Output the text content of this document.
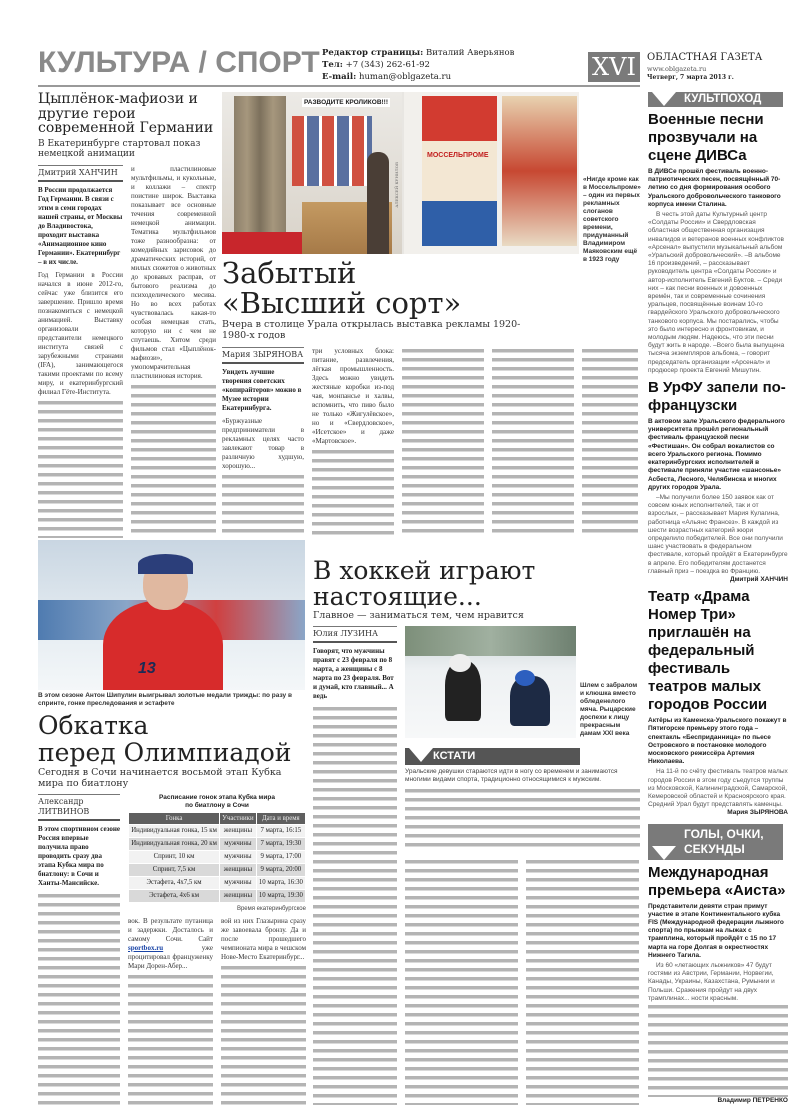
КУЛЬТУРА / СПОРТ Редактор страницы: Виталий Аверьянов
Тел: +7 (343) 262-61-92
E-mail: human@oblgazeta.ru	XVI	ОБЛАСТНАЯ ГАЗЕТА
www.oblgazeta.ru
Четверг, 7 марта 2013 г.
Цыплёнок-мафиози и другие герои современной Германии
В Екатеринбурге стартовал показ немецкой анимации
Дмитрий ХАНЧИН
В России продолжается Год Германии. В связи с этим в семи городах нашей страны, от Москвы до Владивостока, проходит выставка «Анимационное кино Германии». Екатеринбург – в их числе.
Год Германии в России начался в июне 2012-го, сейчас уже близится его завершение. Пришло время познакомиться с немецкой анимацией. Выставку организовали представители немецкого института связей с зарубежными странами (IFA), занимающегося такими проектами по всему миру, и екатеринбургский филиал Гёте-Института.
и пластилиновые мультфильмы, и кукольные, и коллажи – спектр поистине широк. Выставка показывает все основные течения современной немецкой анимации. Тематика мультфильмов тоже разнообразна: от комедийных зарисовок до драматических историй, от милых сюжетов о животных до кровавых расправ, от бытового реализма до психоделического месива. Но во всех работах чувствовалась какая-то особая немецкая стать, которую ни с чем не спутаешь. Хитом среди фильмов стал «Цыплёнок-мафиози», умопомрачительная пластилиновая история.
РАЗВОДИТЕ КРОЛИКОВ!!!
МОССЕЛЬПРОМЕ
АЛЕКСЕЙ КУНИЛОВ	«Нигде кроме как в Моссельпроме» – один из первых рекламных слоганов советского времени, придуманный Владимиром Маяковским ещё в 1923 году
Забытый
«Высший сорт»
Вчера в столице Урала открылась выставка рекламы 1920-1980-х годов
Мария ЗЫРЯНОВА
Увидеть лучшие творения советских «копирайтеров» можно в Музее истории Екатеринбурга.
«Буржуазные предприниматели в рекламных целях часто завлекают товар в различную худшую, хорошую...
три условных блока: питание, развлечения, лёгкая промышленность. Здесь можно увидеть жестяные коробки из-под чая, монпансье и халвы, вспомнить, что пиво было не только «Жигулёвское», но и «Свердловское», «Исетское» и даже «Мартовское».
13
В этом сезоне Антон Шипулин выигрывал золотые медали трижды: по разу в спринте, гонке преследования и эстафете
Обкатка
перед Олимпиадой
Сегодня в Сочи начинается восьмой этап Кубка мира по биатлону
Александр ЛИТВИНОВ
В этом спортивном сезоне Россия впервые получила право проводить сразу два этапа Кубка мира по биатлону: в Сочи и Ханты-Мансийске.
Расписание гонок этапа Кубка мира по биатлону в Сочи
Гонка	Участники	Дата и время
Индивидуальная гонка, 15 км	женщины	7 марта, 16:15
Индивидуальная гонка, 20 км	мужчины	7 марта, 19:30
Спринт, 10 км	мужчины	9 марта, 17:00
Спринт, 7,5 км	женщины	9 марта, 20:00
Эстафета, 4х7,5 км	мужчины	10 марта, 16:30
Эстафета, 4х6 км	женщины	10 марта, 19:30
Время екатеринбургское
вок. В результате путаница и задержки. Досталось и самому Сочи. Сайт sportbox.ru	уже процитировал француженку Мари Дорен-Абер...
вой из них Глазырина сразу же завоевала бронзу. Да и после прошедшего чемпионата мира в чешском Нове-Место Екатеринбург...
В хоккей играют
настоящие...
Главное — заниматься тем, чем нравится
Юлия ЛУЗИНА
Говорят, что мужчины правят с 23 февраля по 8 марта, а женщины с 8 марта по 23 февраля. Вот и думай, кто главный... А ведь
Шлем с забралом и клюшка вместо обледенелого мяча. Рыцарские доспехи к лицу прекрасным дамам XXI века
КСТАТИ
Уральские девушки стараются идти в ногу со временем и занимаются многими видами спорта, традиционно относящимися к мужским.
КУЛЬТПОХОД
Военные песни прозвучали на сцене ДИВСа
В ДИВСе прошёл фестиваль военно-патриотических песен, посвящённый 70-летию со дня формирования особого Уральского добровольческого танкового корпуса имени Сталина.
В честь этой даты Культурный центр «Солдаты России» и Свердловская областная общественная организация инвалидов и ветеранов военных конфликтов «Арсенал» выпустили музыкальный альбом «Уральский добровольческий». –В альбоме 16 произведений, – рассказывает руководитель центра «Солдаты России» и автор-исполнитель Евгений Буктов. – Среди них – как песни военных и довоенных времён, так и современные сочинения уральцев, посвящённые воинам 10-го гвардейского Уральского добровольческого танкового корпуса. Мы постарались, чтобы это было интересно и фронтовикам, и молодым людям. Надеюсь, что эти песни будут жить в народе. –Всего была выпущена тысяча экземпляров альбома, – говорит председатель организации «Арсенал» и продюсер проекта Евгений Мишутин.
В УрФУ запели по-французски
В актовом зале Уральского федерального университета прошёл региональный фестиваль французской песни «Фестишан». Он собрал вокалистов со всего Уральского региона. Помимо екатеринбургских исполнителей в фестивале приняли участие «шансонье» Асбеста, Лесного, Челябинска и многих других городов Урала.
–Мы получили более 150 заявок как от совсем юных исполнителей, так и от взрослых, – рассказывает Мария Кулагина, работница «Альянс Франсез». В каждой из шести возрастных категорий жюри определило победителей. Все они получили шанс участвовать в федеральном фестивале, который пройдёт в Екатеринбурге в апреле. Его победителям достанется главный приз – поездка во Францию.
Дмитрий ХАНЧИН
Театр «Драма Номер Три» приглашён на федеральный фестиваль театров малых городов России
Актёры из Каменска-Уральского покажут в Пятигорске премьеру этого года – спектакль «Бесприданница» по пьесе Островского в постановке молодого московского режиссёра Артемия Николаева.
На 11-й по счёту фестиваль театров малых городов России в этом году съедутся труппы из Московской, Калининградской, Самарской, Кемеровской областей и Красноярского края. Средний Урал будут представлять каменцы.
Мария ЗЫРЯНОВА
ГОЛЫ, ОЧКИ, СЕКУНДЫ
Международная премьера «Аиста»
Представители девяти стран примут участие в этапе Континентального кубка FIS (Международной федерации лыжного спорта) по прыжкам на лыжах с трамплина, который пройдёт с 15 по 17 марта на горе Долгая в окрестностях Нижнего Тагила.
Из 60 «летающих лыжников» 47 будут гостями из Австрии, Германии, Норвегии, Канады, Украины, Казахстана, Румынии и Польши. Сражения пройдут на двух трамплинах... ности красным.
Владимир ПЕТРЕНКО
